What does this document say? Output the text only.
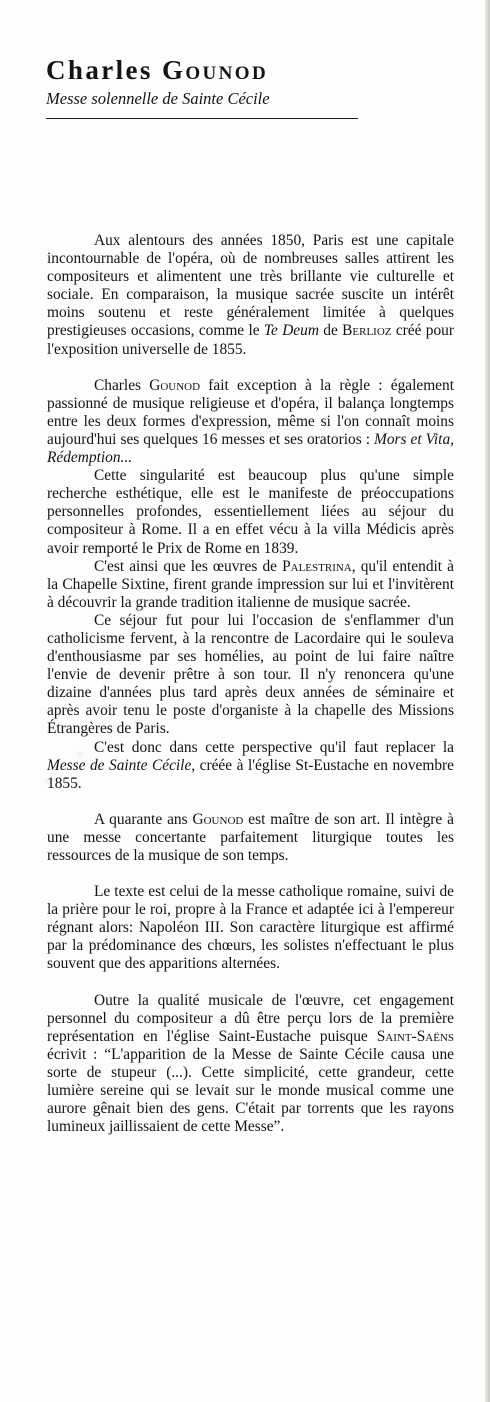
Charles Gounod
Messe solennelle de Sainte Cécile

Aux alentours des années 1850, Paris est une capitale incontournable de l'opéra, où de nombreuses salles attirent les compositeurs et alimentent une très brillante vie culturelle et sociale. En comparaison, la musique sacrée suscite un intérêt moins soutenu et reste généralement limitée à quelques prestigieuses occasions, comme le Te Deum de Berlioz créé pour l'exposition universelle de 1855.

Charles Gounod fait exception à la règle : également passionné de musique religieuse et d'opéra, il balança longtemps entre les deux formes d'expression, même si l'on connaît moins aujourd'hui ses quelques 16 messes et ses oratorios : Mors et Vita, Rédemption...

Cette singularité est beaucoup plus qu'une simple recherche esthétique, elle est le manifeste de préoccupations personnelles profondes, essentiellement liées au séjour du compositeur à Rome. Il a en effet vécu à la villa Médicis après avoir remporté le Prix de Rome en 1839.

C'est ainsi que les œuvres de Palestrina, qu'il entendit à la Chapelle Sixtine, firent grande impression sur lui et l'invitèrent à découvrir la grande tradition italienne de musique sacrée.

Ce séjour fut pour lui l'occasion de s'enflammer d'un catholicisme fervent, à la rencontre de Lacordaire qui le souleva d'enthousiasme par ses homélies, au point de lui faire naître l'envie de devenir prêtre à son tour. Il n'y renoncera qu'une dizaine d'années plus tard après deux années de séminaire et après avoir tenu le poste d'organiste à la chapelle des Missions Étrangères de Paris.

C'est donc dans cette perspective qu'il faut replacer la Messe de Sainte Cécile, créée à l'église St-Eustache en novembre 1855.

A quarante ans Gounod est maître de son art. Il intègre à une messe concertante parfaitement liturgique toutes les ressources de la musique de son temps.

Le texte est celui de la messe catholique romaine, suivi de la prière pour le roi, propre à la France et adaptée ici à l'empereur régnant alors: Napoléon III. Son caractère liturgique est affirmé par la prédominance des chœurs, les solistes n'effectuant le plus souvent que des apparitions alternées.

Outre la qualité musicale de l'œuvre, cet engagement personnel du compositeur a dû être perçu lors de la première représentation en l'église Saint-Eustache puisque Saint-Saëns écrivit : “L'apparition de la Messe de Sainte Cécile causa une sorte de stupeur (...). Cette simplicité, cette grandeur, cette lumière sereine qui se levait sur le monde musical comme une aurore gênait bien des gens. C'était par torrents que les rayons lumineux jaillissaient de cette Messe”.
